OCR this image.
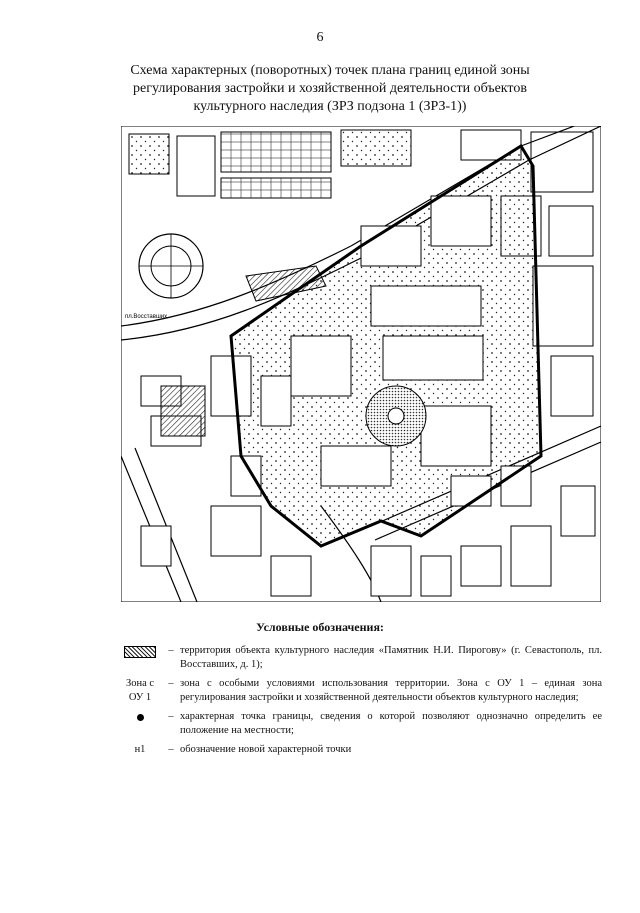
6
Схема характерных (поворотных) точек плана границ единой зоны
регулирования застройки и хозяйственной деятельности объектов
культурного наследия (ЗРЗ подзона 1 (ЗРЗ-1))
пл.Восставших
Условные обозначения:
– территория объекта культурного наследия «Памятник Н.И. Пирогову» (г. Севастополь, пл. Восставших, д. 1);
Зона с
ОУ 1
– зона с особыми условиями использования территории. Зона с ОУ 1 – единая зона регулирования застройки и хозяйственной деятельности объектов культурного наследия;
– характерная точка границы, сведения о которой позволяют однозначно определить ее положение на местности;
н1	– обозначение новой характерной точки
